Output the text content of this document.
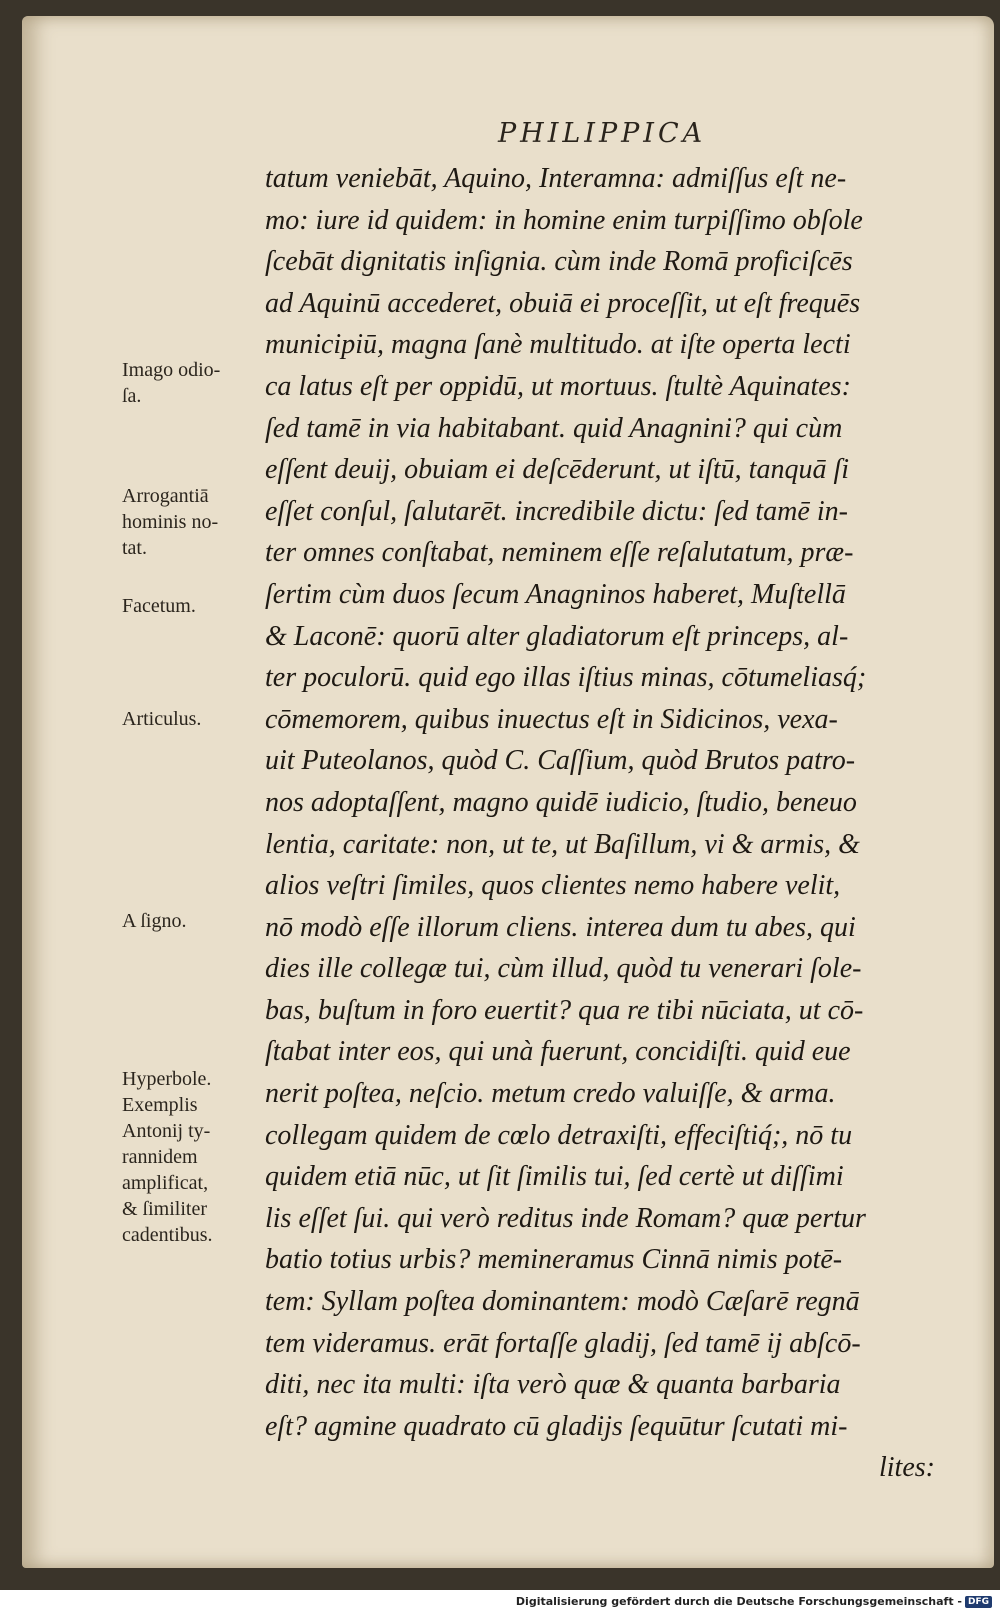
PHILIPPICA
tatum veniebāt, Aquino, Interamna: admiſſus eſt ne-
mo: iure id quidem: in homine enim turpiſſimo obſole
ſcebāt dignitatis inſignia. cùm inde Romā proficiſcēs
ad Aquinū accederet, obuiā ei proceſſit, ut eſt frequēs
municipiū, magna ſanè multitudo. at iſte operta lecti
ca latus eſt per oppidū, ut mortuus. ſtultè Aquinates:
ſed tamē in via habitabant. quid Anagnini? qui cùm
eſſent deuij, obuiam ei deſcēderunt, ut iſtū, tanquā ſi
eſſet conſul, ſalutarēt. incredibile dictu: ſed tamē in-
ter omnes conſtabat, neminem eſſe reſalutatum, præ-
ſertim cùm duos ſecum Anagninos haberet, Muſtellā
& Laconē: quorū alter gladiatorum eſt princeps, al-
ter poculorū. quid ego illas iſtius minas, cōtumeliasq́;
cōmemorem, quibus inuectus eſt in Sidicinos, vexa-
uit Puteolanos, quòd C. Caſſium, quòd Brutos patro-
nos adoptaſſent, magno quidē iudicio, ſtudio, beneuo
lentia, caritate: non, ut te, ut Baſillum, vi & armis, &
alios veſtri ſimiles, quos clientes nemo habere velit,
nō modò eſſe illorum cliens. interea dum tu abes, qui
dies ille collegæ tui, cùm illud, quòd tu venerari ſole-
bas, buſtum in foro euertit? qua re tibi nūciata, ut cō-
ſtabat inter eos, qui unà fuerunt, concidiſti. quid eue
nerit poſtea, neſcio. metum credo valuiſſe, & arma.
collegam quidem de cœlo detraxiſti, effeciſtiq́;, nō tu
quidem etiā nūc, ut ſit ſimilis tui, ſed certè ut diſſimi
lis eſſet ſui. qui verò reditus inde Romam? quæ pertur
batio totius urbis? memineramus Cinnā nimis potē-
tem: Syllam poſtea dominantem: modò Cæſarē regnā
tem videramus. erāt fortaſſe gladij, ſed tamē ij abſcō-
diti, nec ita multi: iſta verò quæ & quanta barbaria
eſt? agmine quadrato cū gladijs ſequūtur ſcutati mi-
lites:

Imago odio-
ſa.

Arrogantiā
hominis no-
tat.

Facetum.

Articulus.

A ſigno.

Hyperbole.
Exemplis
Antonij ty-
rannidem
amplificat,
& ſimiliter
cadentibus.

Digitalisierung gefördert durch die Deutsche Forschungsgemeinschaft - DFG
